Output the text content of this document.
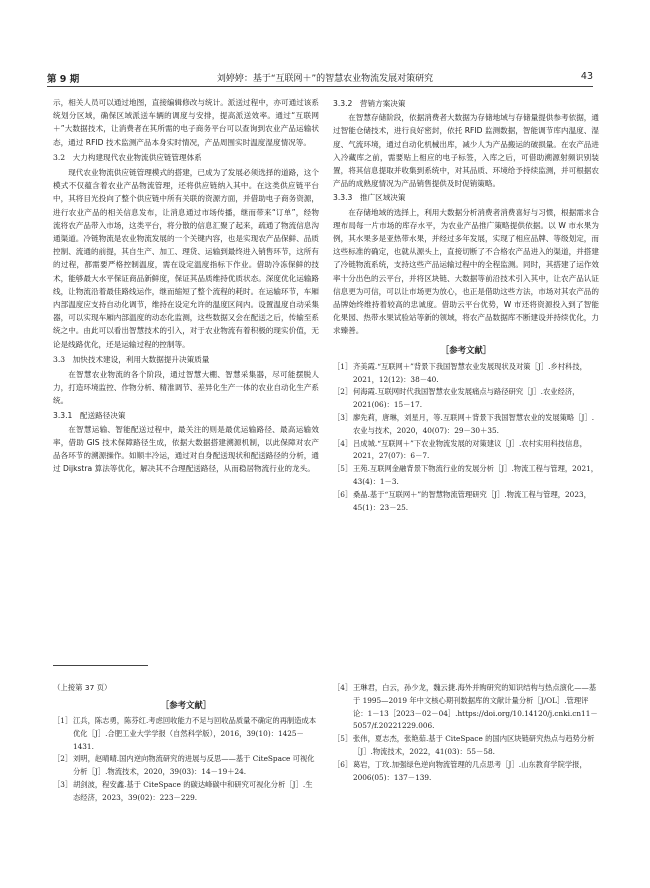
第 9 期	刘婷婷：基于“互联网＋”的智慧农业物流发展对策研究	43
示，相关人员可以通过地图，直接编辑修改与统计。派送过程中，亦可通过该系统划分区域，确保区域派送车辆的调度与安排，提高派送效率。通过“互联网＋”大数据技术，让消费者在其所需的电子商务平台可以查询到农业产品运输状态，通过 RFID 技术监测产品本身实时情况，产品周围实时温度湿度情况等。
3.2　大力构建现代农业物流供应链管理体系
现代农业物流供应链管理模式的搭建，已成为了发展必须选择的道路，这个模式不仅蕴含着农业产品物流管理，还将供应链纳入其中。在这类供应链平台中，其将目光投向了整个供应链中所有关联的资源方面，并借助电子商务资源，进行农业产品的相关信息发布，让消息通过市场传播，继而带来“订单”，经物流将农产品带入市场，这类平台，将分散的信息汇聚了起来，疏通了物流信息沟通渠道。冷链物流是农业物流发展的一个关键内容，也是实现农产品保鲜、品质控制、流通的前提，其自生产、加工、理货、运输到最终进入销售环节，这所有的过程，都需要严格控制温度，需在设定温度指标下作业。借助冷冻保鲜的技术，能够最大水平保证商品新鲜度，保证其品质维持优质状态。深度优化运输路线，让物流沿着最佳路线运作，继而缩短了整个流程的耗时。在运输环节，车厢内部温度应支持自动化调节，维持在设定允许的温度区间内。设置温度自动采集器，可以实现车厢内部温度的动态化监测，这些数据又会在配送之后，传输至系统之中。由此可以看出智慧技术的引入，对于农业物流有着积极的现实价值，无论是线路优化，还是运输过程的控制等。
3.3　加快技术建设，利用大数据提升决策质量
在智慧农业物流的各个阶段，通过智慧大棚、智慧采集器，尽可能摆脱人力，打造环境监控、作物分析、精准调节、差异化生产一体的农业自动化生产系统。
3.3.1　配送路径决策
在智慧运输、智能配送过程中，最关注的则是最优运输路径、最高运输效率，借助 GIS 技术保障路径生成，依据大数据搭建溯源机制，以此保障对农产品各环节的溯源操作。如顺丰冷运，通过对自身配送现状和配送路径的分析，通过 Dijkstra 算法等优化，解决其不合理配送路径，从而稳居物流行业的龙头。
3.3.2　营销方案决策
在智慧存储阶段，依据消费者大数据为存储地域与存储量提供参考依据，通过智能仓储技术，进行良好密封，依托 RFID 监测数据，智能调节库内温度、湿度、气流环境，通过自动化机械出库，减少人为产品搬运的破损量。在农产品进入冷藏库之前，需要贴上相应的电子标签，入库之后，可借助溯源射频识别装置，将其信息提取并收集到系统中，对其品质、环境给予持续监测，并可根据农产品的成熟度情况为产品销售提供及时促销策略。
3.3.3　推广区域决策
在存储地域的选择上，利用大数据分析消费者消费喜好与习惯，根据需求合理布局每一片市场的库存水平，为农业产品推广策略提供依据。以 W 市水果为例，其水果多是亚热带水果，并经过多年发展，实现了相应品牌、等级划定，而这些标准的确定，也就从源头上，直接切断了不合格农产品进入的渠道，并搭建了冷链物流系统，支持这些产品运输过程中的全程监测。同时，其搭建了运作效率十分出色的云平台，并将区块链、大数据等前沿技术引入其中，让农产品认证信息更为可信，可以让市场更为放心，也正是借助这些方法，市场对其农产品的品牌始终维持着较高的忠诚度。借助云平台优势，W 市还将资源投入到了智能化果园、热带水果试验站等新的领域，将农产品数据库不断建设并持续优化，力求臻善。
［参考文献］
［1］ 齐美霞.“互联网＋”背景下我国智慧农业发展现状及对策［J］.乡村科技，2021，12(12)：38－40.
［2］ 何海霞.互联网时代我国智慧农业发展痛点与路径研究［J］.农业经济，2021(06)：15－17.
［3］ 廖先莉，唐琳，刘星月，等.互联网＋背景下我国智慧农业的发展策略［J］.农业与技术，2020，40(07)：29－30＋35.
［4］ 吕成城.“互联网＋”下农业物流发展的对策建议［J］.农村实用科技信息，2021，27(07)：6－7.
［5］ 王苑.互联网金融背景下物流行业的发展分析［J］.物流工程与管理，2021，43(4)：1－3.
［6］ 桑晶.基于“互联网＋”的智慧物流管理研究［J］.物流工程与管理，2023，45(1)：23－25.
（上接第 37 页）
［参考文献］
［1］ 江兵，陈志勇，陈芬红.考虑回收能力不足与回收品质量不确定的再制造成本优化［J］.合肥工业大学学报（自然科学版），2016，39(10)：1425－1431.
［2］ 刘明，赵晴晴.国内逆向物流研究的进展与反思——基于 CiteSpace 可视化分析［J］.物流技术，2020，39(03)：14－19＋24.
［3］ 胡剑波，程安鑫.基于 CiteSpace 的碳达峰碳中和研究可视化分析［J］.生态经济，2023，39(02)：223－229.
［4］ 王琳君，白云，孙少龙，魏云捷.海外并购研究的知识结构与热点演化——基于 1995—2019 年中文核心期刊数据库的文献计量分析［J/OL］.管理评论：1－13［2023－02－04］.https://doi.org/10.14120/j.cnki.cn11－5057/f.20221229.006.
［5］ 张伟，夏志杰，张艳茹.基于 CiteSpace 的国内区块链研究热点与趋势分析［J］.物流技术，2022，41(03)：55－58.
［6］ 葛岩，丁玫.加强绿色逆向物流管理的几点思考［J］.山东教育学院学报，2006(05)：137－139.
